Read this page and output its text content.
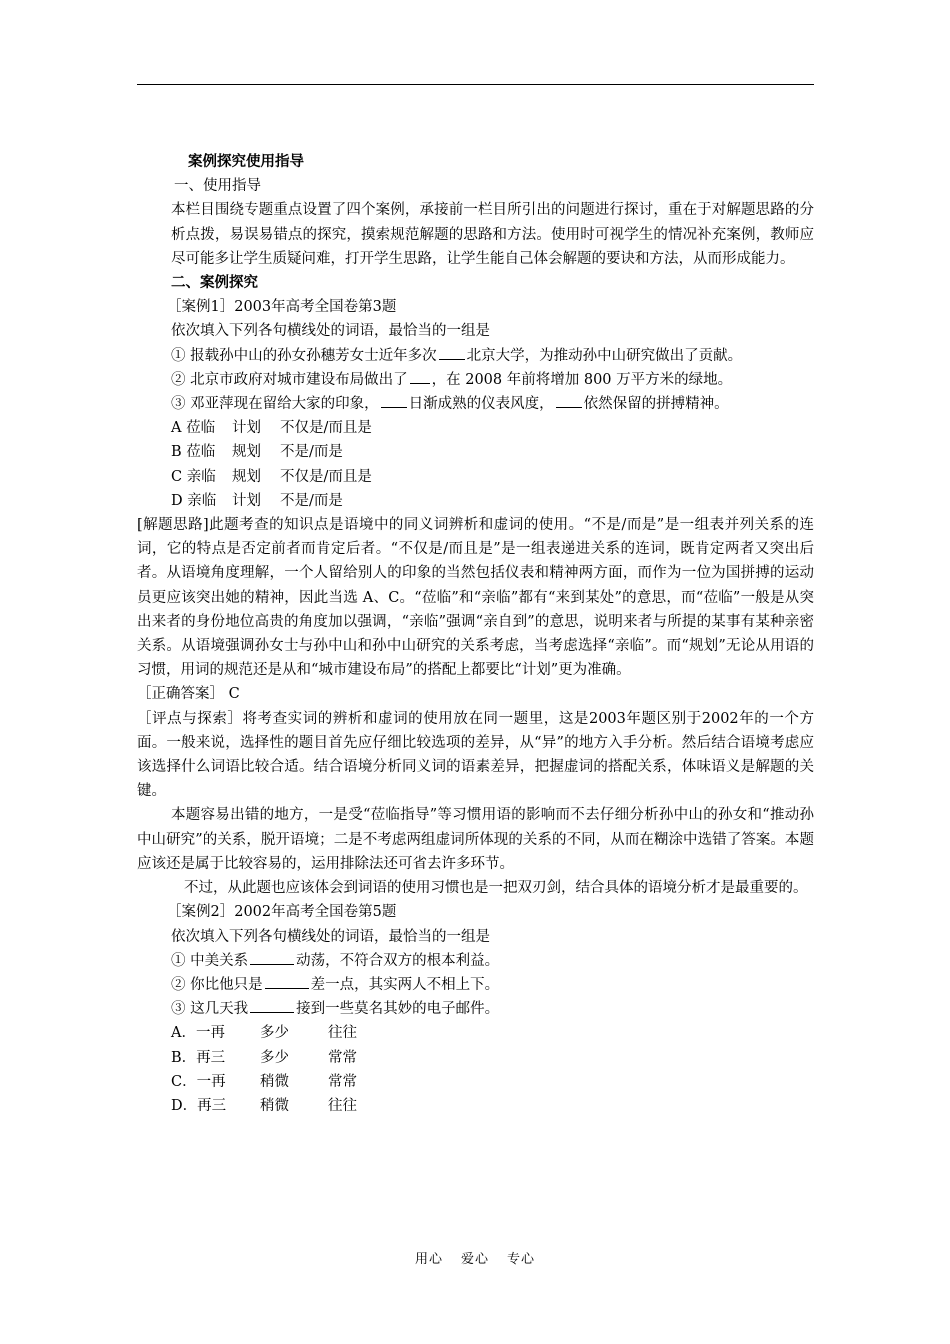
案例探究使用指导
一、使用指导
本栏目围绕专题重点设置了四个案例，承接前一栏目所引出的问题进行探讨，重在于对解题思路的分析点拨，易误易错点的探究，摸索规范解题的思路和方法。使用时可视学生的情况补充案例，教师应尽可能多让学生质疑问难，打开学生思路，让学生能自己体会解题的要诀和方法，从而形成能力。
二、案例探究
［案例1］2003年高考全国卷第3题
依次填入下列各句横线处的词语，最恰当的一组是
① 报载孙中山的孙女孙穗芳女士近年多次 北京大学，为推动孙中山研究做出了贡献。
② 北京市政府对城市建设布局做出了 ，在 2008 年前将增加 800 万平方米的绿地。
③ 邓亚萍现在留给大家的印象， 日渐成熟的仪表风度， 依然保留的拼搏精神。
A 莅临 计划 不仅是/而且是
B 莅临 规划 不是/而是
C 亲临 规划 不仅是/而且是
D 亲临 计划 不是/而是
[解题思路]此题考查的知识点是语境中的同义词辨析和虚词的使用。“不是/而是”是一组表并列关系的连词，它的特点是否定前者而肯定后者。“不仅是/而且是”是一组表递进关系的连词，既肯定两者又突出后者。从语境角度理解，一个人留给别人的印象的当然包括仪表和精神两方面，而作为一位为国拼搏的运动员更应该突出她的精神，因此当选 A、C。“莅临”和“亲临”都有“来到某处”的意思，而“莅临”一般是从突出来者的身份地位高贵的角度加以强调，“亲临”强调“亲自到”的意思，说明来者与所提的某事有某种亲密关系。从语境强调孙女士与孙中山和孙中山研究的关系考虑，当考虑选择“亲临”。而“规划”无论从用语的习惯，用词的规范还是从和“城市建设布局”的搭配上都要比“计划”更为准确。
［正确答案］ C
［评点与探索］将考查实词的辨析和虚词的使用放在同一题里，这是2003年题区别于2002年的一个方面。一般来说，选择性的题目首先应仔细比较选项的差异，从“异”的地方入手分析。然后结合语境考虑应该选择什么词语比较合适。结合语境分析同义词的语素差异，把握虚词的搭配关系，体味语义是解题的关键。
本题容易出错的地方，一是受“莅临指导”等习惯用语的影响而不去仔细分析孙中山的孙女和“推动孙中山研究”的关系，脱开语境；二是不考虑两组虚词所体现的关系的不同，从而在糊涂中选错了答案。本题应该还是属于比较容易的，运用排除法还可省去许多环节。
不过，从此题也应该体会到词语的使用习惯也是一把双刃剑，结合具体的语境分析才是最重要的。
［案例2］2002年高考全国卷第5题
依次填入下列各句横线处的词语，最恰当的一组是
① 中美关系	动荡，不符合双方的根本利益。
② 你比他只是	差一点，其实两人不相上下。
③ 这几天我	接到一些莫名其妙的电子邮件。
A．一再 多少	往往
B．再三 多少	常常
C．一再 稍微	常常
D．再三 稍微	往往
用心 爱心 专心
